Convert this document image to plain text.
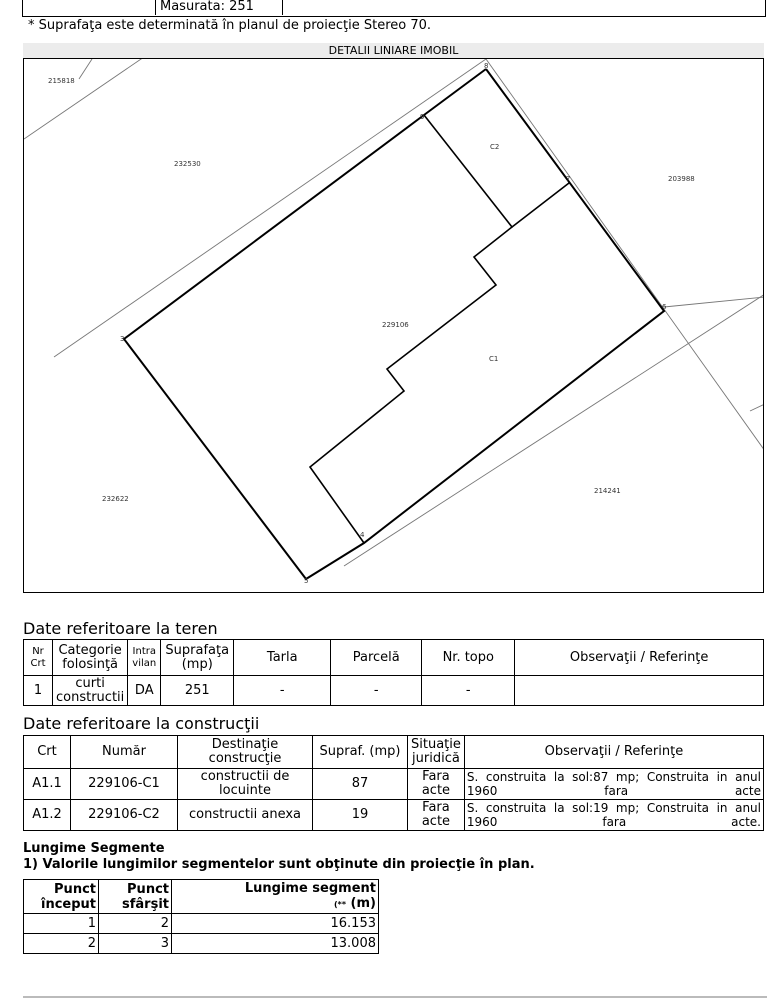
Masurata: 251
* Suprafaţa este determinată în planul de proiecţie Stereo 70.
DETALII LINIARE IMOBIL
215818
232530
203988
229106
232622
214241
C2
C1
3
4
5
6
7
8
9
Date referitoare la teren
Nr Crt	Categorie folosinţă	Intra vilan	Suprafaţa (mp)	Tarla	Parcelă	Nr. topo	Observaţii / Referinţe
1	curti constructii	DA	251	-	-	-	
Date referitoare la construcţii
Crt	Număr	Destinaţie construcţie	Supraf. (mp)	Situaţie juridică	Observaţii / Referinţe
A1.1	229106-C1	constructii de locuinte	87	Fara acte	S. construita la sol:87 mp; Construita in anul 1960 fara acte
A1.2	229106-C2	constructii anexa	19	Fara acte	S. construita la sol:19 mp; Construita in anul 1960 fara acte.
Lungime Segmente
1) Valorile lungimilor segmentelor sunt obţinute din proiecţie în plan.
Punct început	Punct sfârşit	Lungime segment
(** (m)
1	2	16.153
2	3	13.008
